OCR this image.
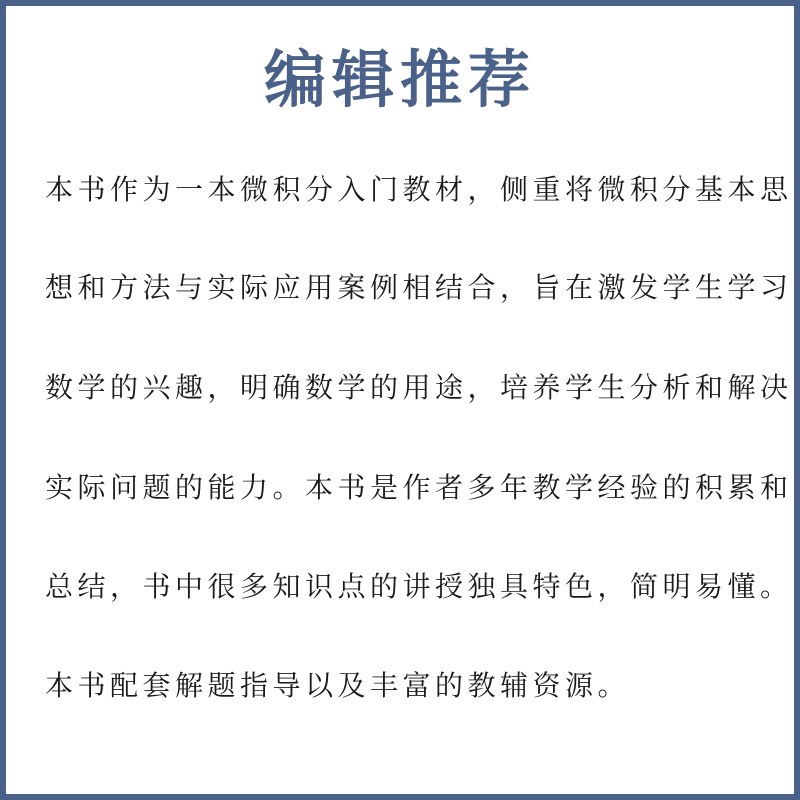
编辑推荐
本书作为一本微积分入门教材，侧重将微积分基本思
想和方法与实际应用案例相结合，旨在激发学生学习
数学的兴趣，明确数学的用途，培养学生分析和解决
实际问题的能力。本书是作者多年教学经验的积累和
总结，书中很多知识点的讲授独具特色，简明易懂。
本书配套解题指导以及丰富的教辅资源。
